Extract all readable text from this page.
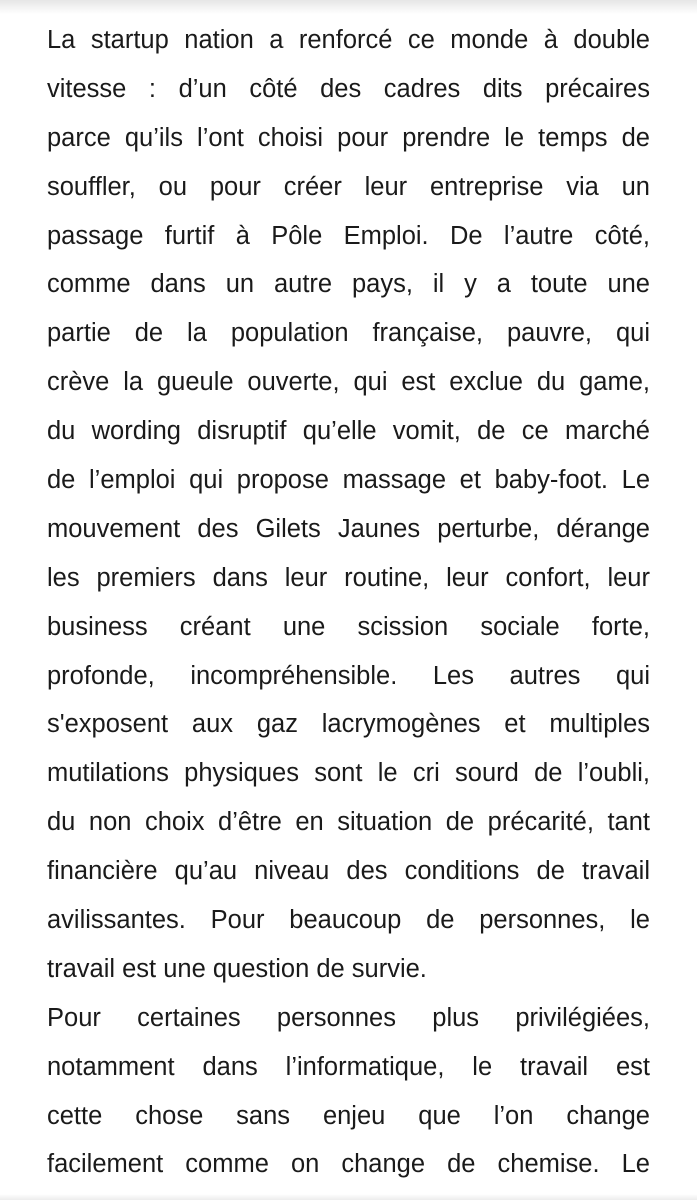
La startup nation a renforcé ce monde à double
vitesse : d’un côté des cadres dits précaires
parce qu’ils l’ont choisi pour prendre le temps de
souffler, ou pour créer leur entreprise via un
passage furtif à Pôle Emploi. De l’autre côté,
comme dans un autre pays, il y a toute une
partie de la population française, pauvre, qui
crève la gueule ouverte, qui est exclue du game,
du wording disruptif qu’elle vomit, de ce marché
de l’emploi qui propose massage et baby-foot. Le
mouvement des Gilets Jaunes perturbe, dérange
les premiers dans leur routine, leur confort, leur
business créant une scission sociale forte,
profonde, incompréhensible. Les autres qui
s'exposent aux gaz lacrymogènes et multiples
mutilations physiques sont le cri sourd de l’oubli,
du non choix d’être en situation de précarité, tant
financière qu’au niveau des conditions de travail
avilissantes. Pour beaucoup de personnes, le
travail est une question de survie.
Pour certaines personnes plus privilégiées,
notamment dans l’informatique, le travail est
cette chose sans enjeu que l’on change
facilement comme on change de chemise. Le
